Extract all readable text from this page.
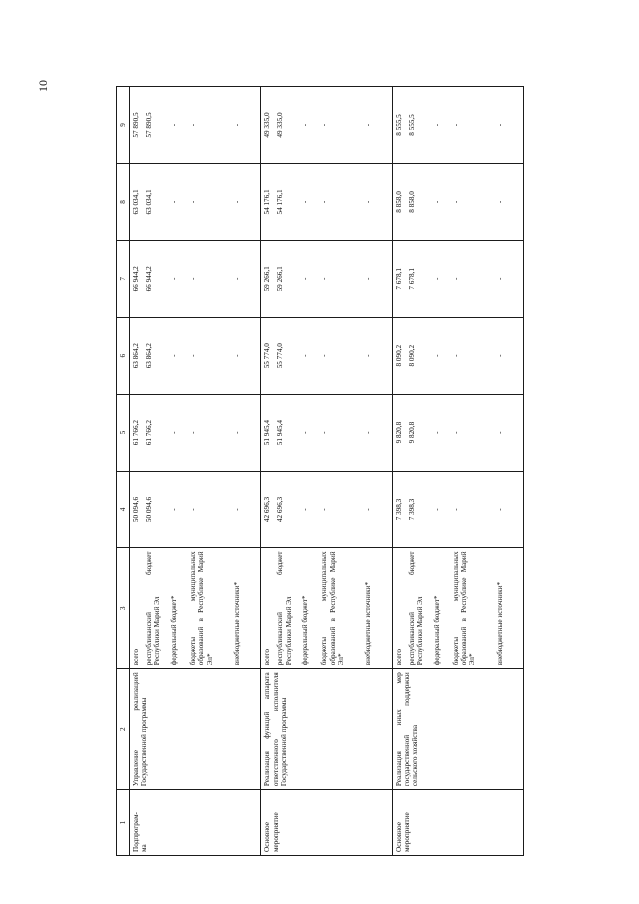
10
1	2	3	4	5	6	7	8	9
Подпрограм-
ма	Управление реализацией Государственной программы	всего республиканский бюджет Республики Марий Эл федеральный бюджет* бюджеты муниципальных образований в Республике Марий Эл* внебюджетные источники*	50 094,6 50 094,6 - - -	61 766,2 61 766,2 - - -	63 864,2 63 864,2 - - -	66 944,2 66 944,2 - - -	63 034,1 63 034,1 - - -	57 890,5 57 890,5 - - -

Основное
мероприятие	Реализация функций аппарата ответственного исполнителя Государственной программы	всего республиканский бюджет Республики Марий Эл федеральный бюджет* бюджеты муниципальных образований в Республике Марий Эл* внебюджетные источники*	42 696,3 42 696,3 - - -	51 945,4 51 945,4 - - -	55 774,0 55 774,0 - - -	59 266,1 59 266,1 - - -	54 176,1 54 176,1 - - -	49 335,0 49 335,0 - - -

Основное
мероприятие	Реализация иных мер государственной поддержки сельского хозяйства	всего республиканский бюджет Республики Марий Эл федеральный бюджет* бюджеты муниципальных образований в Республике Марий Эл* внебюджетные источники*	7 398,3 7 398,3 - - -	9 820,8 9 820,8 - - -	8 090,2 8 090,2 - - -	7 678,1 7 678,1 - - -	8 858,0 8 858,0 - - -	8 555,5 8 555,5 - - -
